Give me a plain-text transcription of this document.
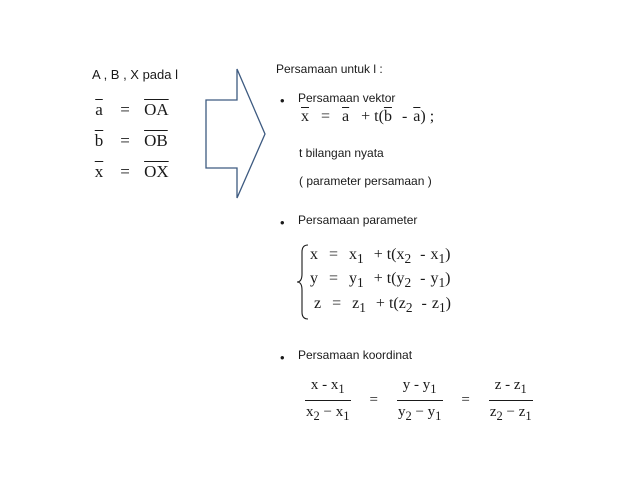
A , B , X pada l
$\overline{a} = \overline{OA}$
$\overline{b} = \overline{OB}$
$\overline{x} = \overline{OX}$
Persamaan untuk l :
• Persamaan vektor
$\overline{x} = \overline{a} + t(\overline{b} - \overline{a})$ ;
t bilangan nyata
( parameter persamaan )
• Persamaan parameter
$x = x_1 + t(x_2 - x_1)$
$y = y_1 + t(y_2 - y_1)$
$z = z_1 + t(z_2 - z_1)$
• Persamaan koordinat
$\frac{x - x_1}{x_2 - x_1} = \frac{y - y_1}{y_2 - y_1} = \frac{z - z_1}{z_2 - z_1}$
